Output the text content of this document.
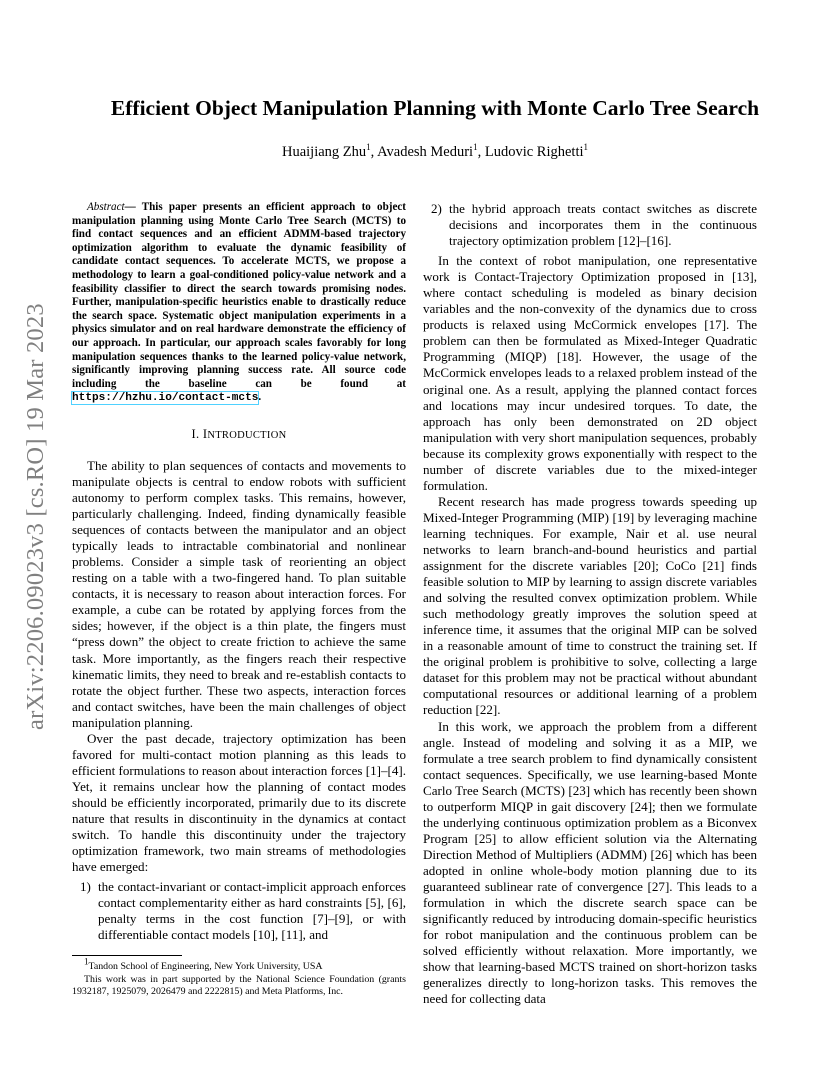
arXiv:2206.09023v3 [cs.RO] 19 Mar 2023
Efficient Object Manipulation Planning with Monte Carlo Tree Search
Huaijiang Zhu$^1$, Avadesh Meduri$^1$, Ludovic Righetti$^1$

Abstract— This paper presents an efficient approach to object manipulation planning using Monte Carlo Tree Search (MCTS) to find contact sequences and an efficient ADMM-based trajectory optimization algorithm to evaluate the dynamic feasibility of candidate contact sequences. To accelerate MCTS, we propose a methodology to learn a goal-conditioned policy-value network and a feasibility classifier to direct the search towards promising nodes. Further, manipulation-specific heuristics enable to drastically reduce the search space. Systematic object manipulation experiments in a physics simulator and on real hardware demonstrate the efficiency of our approach. In particular, our approach scales favorably for long manipulation sequences thanks to the learned policy-value network, significantly improving planning success rate. All source code including the baseline can be found at https://hzhu.io/contact-mcts.

I. INTRODUCTION

The ability to plan sequences of contacts and movements to manipulate objects is central to endow robots with sufficient autonomy to perform complex tasks. This remains, however, particularly challenging. Indeed, finding dynamically feasible sequences of contacts between the manipulator and an object typically leads to intractable combinatorial and nonlinear problems. Consider a simple task of reorienting an object resting on a table with a two-fingered hand. To plan suitable contacts, it is necessary to reason about interaction forces. For example, a cube can be rotated by applying forces from the sides; however, if the object is a thin plate, the fingers must “press down” the object to create friction to achieve the same task. More importantly, as the fingers reach their respective kinematic limits, they need to break and re-establish contacts to rotate the object further. These two aspects, interaction forces and contact switches, have been the main challenges of object manipulation planning.

Over the past decade, trajectory optimization has been favored for multi-contact motion planning as this leads to efficient formulations to reason about interaction forces [1]–[4]. Yet, it remains unclear how the planning of contact modes should be efficiently incorporated, primarily due to its discrete nature that results in discontinuity in the dynamics at contact switch. To handle this discontinuity under the trajectory optimization framework, two main streams of methodologies have emerged:

1) the contact-invariant or contact-implicit approach enforces contact complementarity either as hard constraints [5], [6], penalty terms in the cost function [7]–[9], or with differentiable contact models [10], [11], and
2) the hybrid approach treats contact switches as discrete decisions and incorporates them in the continuous trajectory optimization problem [12]–[16].

In the context of robot manipulation, one representative work is Contact-Trajectory Optimization proposed in [13], where contact scheduling is modeled as binary decision variables and the non-convexity of the dynamics due to cross products is relaxed using McCormick envelopes [17]. The problem can then be formulated as Mixed-Integer Quadratic Programming (MIQP) [18]. However, the usage of the McCormick envelopes leads to a relaxed problem instead of the original one. As a result, applying the planned contact forces and locations may incur undesired torques. To date, the approach has only been demonstrated on 2D object manipulation with very short manipulation sequences, probably because its complexity grows exponentially with respect to the number of discrete variables due to the mixed-integer formulation.

Recent research has made progress towards speeding up Mixed-Integer Programming (MIP) [19] by leveraging machine learning techniques. For example, Nair et al. use neural networks to learn branch-and-bound heuristics and partial assignment for the discrete variables [20]; CoCo [21] finds feasible solution to MIP by learning to assign discrete variables and solving the resulted convex optimization problem. While such methodology greatly improves the solution speed at inference time, it assumes that the original MIP can be solved in a reasonable amount of time to construct the training set. If the original problem is prohibitive to solve, collecting a large dataset for this problem may not be practical without abundant computational resources or additional learning of a problem reduction [22].

In this work, we approach the problem from a different angle. Instead of modeling and solving it as a MIP, we formulate a tree search problem to find dynamically consistent contact sequences. Specifically, we use learning-based Monte Carlo Tree Search (MCTS) [23] which has recently been shown to outperform MIQP in gait discovery [24]; then we formulate the underlying continuous optimization problem as a Biconvex Program [25] to allow efficient solution via the Alternating Direction Method of Multipliers (ADMM) [26] which has been adopted in online whole-body motion planning due to its guaranteed sublinear rate of convergence [27]. This leads to a formulation in which the discrete search space can be significantly reduced by introducing domain-specific heuristics for robot manipulation and the continuous problem can be solved efficiently without relaxation. More importantly, we show that learning-based MCTS trained on short-horizon tasks generalizes directly to long-horizon tasks. This removes the need for collecting data

$^1$Tandon School of Engineering, New York University, USA

This work was in part supported by the National Science Foundation (grants 1932187, 1925079, 2026479 and 2222815) and Meta Platforms, Inc.
